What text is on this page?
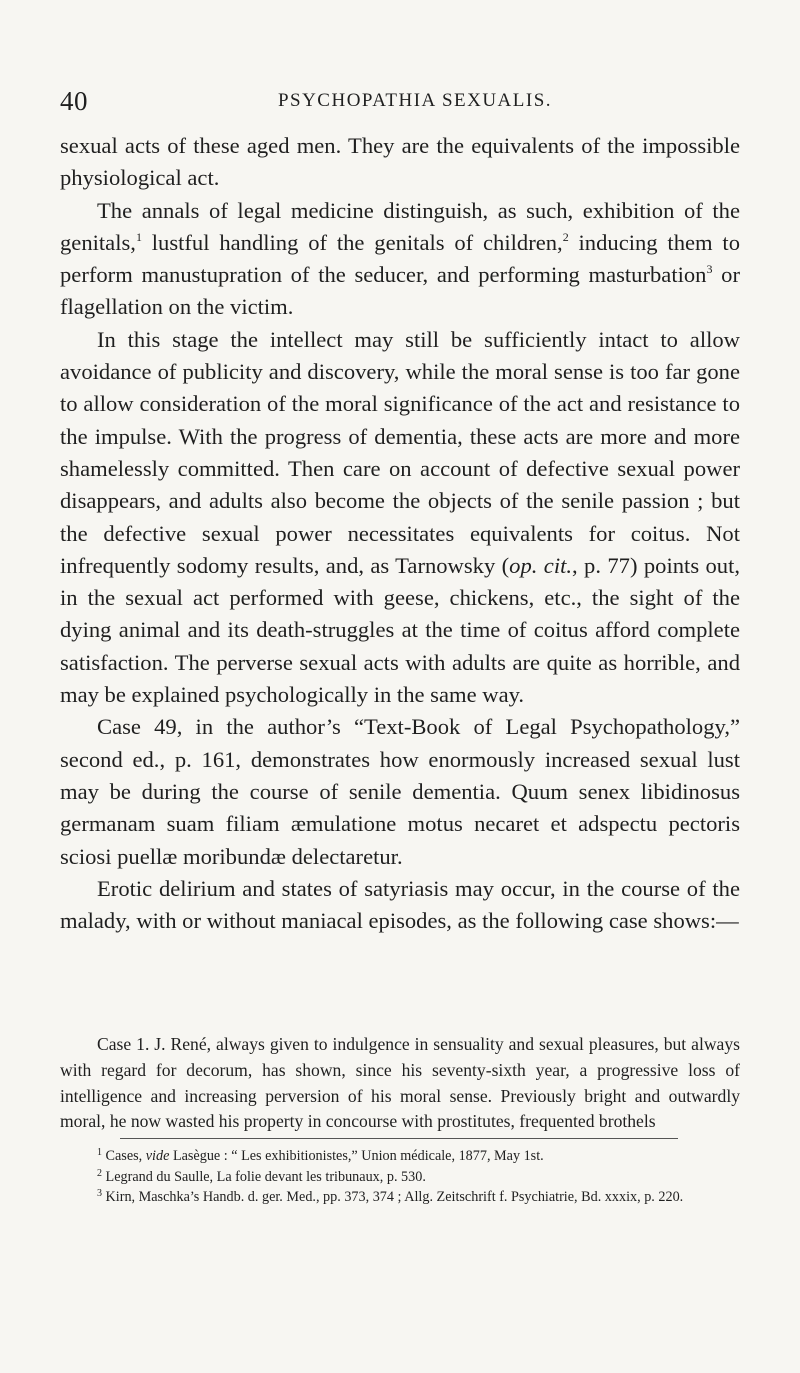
40	PSYCHOPATHIA SEXUALIS.

sexual acts of these aged men. They are the equivalents of the impossible physiological act.

The annals of legal medicine distinguish, as such, exhibition of the genitals,$^1$ lustful handling of the genitals of children,$^2$ inducing them to perform manustupration of the seducer, and performing masturbation$^3$ or flagellation on the victim.

In this stage the intellect may still be sufficiently intact to allow avoidance of publicity and discovery, while the moral sense is too far gone to allow consideration of the moral significance of the act and resistance to the impulse. With the progress of dementia, these acts are more and more shamelessly committed. Then care on account of defective sexual power disappears, and adults also become the objects of the senile passion ; but the defective sexual power necessitates equivalents for coitus. Not infrequently sodomy results, and, as Tarnowsky (op. cit., p. 77) points out, in the sexual act performed with geese, chickens, etc., the sight of the dying animal and its death-struggles at the time of coitus afford complete satisfaction. The perverse sexual acts with adults are quite as horrible, and may be explained psychologically in the same way.

Case 49, in the author’s “Text-Book of Legal Psychopathology,” second ed., p. 161, demonstrates how enormously increased sexual lust may be during the course of senile dementia. Quum senex libidinosus germanam suam filiam æmulatione motus necaret et adspectu pectoris sciosi puellæ moribundæ delectaretur.

Erotic delirium and states of satyriasis may occur, in the course of the malady, with or without maniacal episodes, as the following case shows:—

Case 1. J. René, always given to indulgence in sensuality and sexual pleasures, but always with regard for decorum, has shown, since his seventy-sixth year, a progressive loss of intelligence and increasing perversion of his moral sense. Previously bright and outwardly moral, he now wasted his property in concourse with prostitutes, frequented brothels

$^1$ Cases, vide Lasègue : “ Les exhibitionistes,” Union médicale, 1877, May 1st.

$^2$ Legrand du Saulle, La folie devant les tribunaux, p. 530.

$^3$ Kirn, Maschka’s Handb. d. ger. Med., pp. 373, 374 ; Allg. Zeitschrift f. Psychiatrie, Bd. xxxix, p. 220.
